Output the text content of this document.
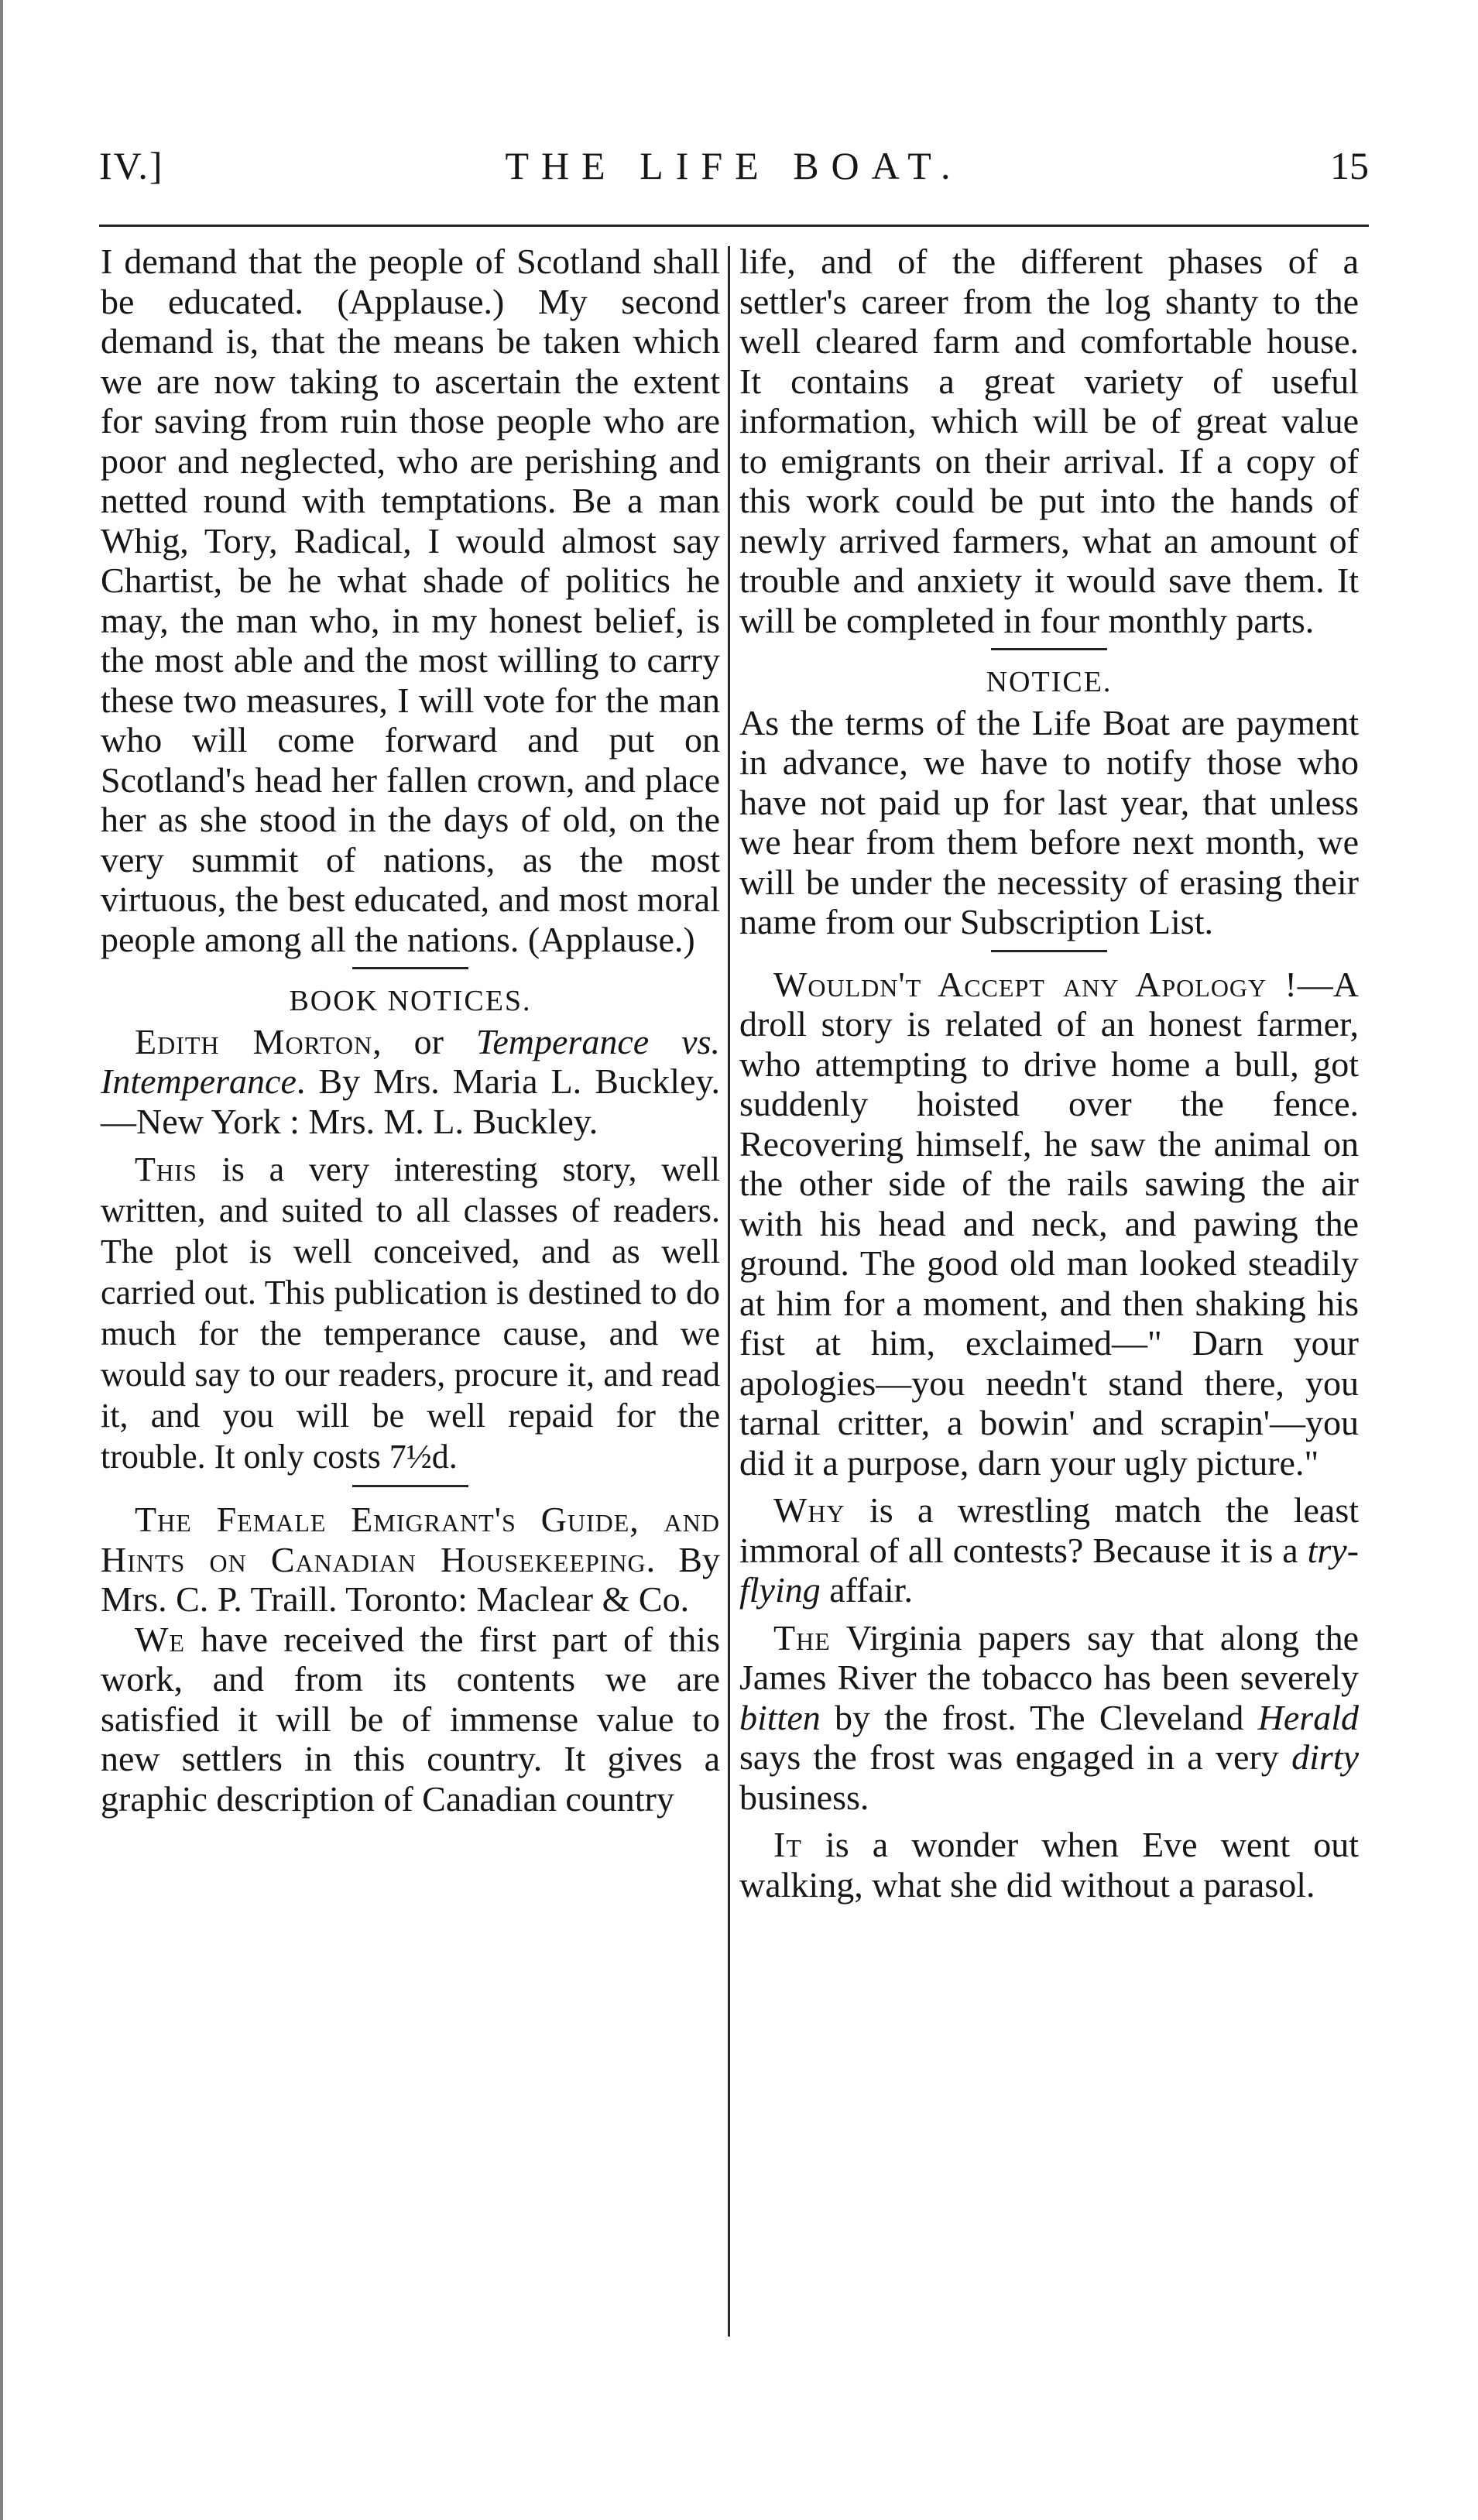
IV.]	THE LIFE BOAT.	15

I demand that the people of Scotland shall be educated. (Applause.) My second demand is, that the means be taken which we are now taking to ascertain the extent for saving from ruin those people who are poor and neglected, who are perishing and netted round with temptations. Be a man Whig, Tory, Radical, I would almost say Chartist, be he what shade of politics he may, the man who, in my honest belief, is the most able and the most willing to carry these two measures, I will vote for the man who will come forward and put on Scotland's head her fallen crown, and place her as she stood in the days of old, on the very summit of nations, as the most virtuous, the best educated, and most moral people among all the nations. (Applause.)

BOOK NOTICES.

Edith Morton, or Temperance vs. Intemperance. By Mrs. Maria L. Buckley.—New York : Mrs. M. L. Buckley.

This is a very interesting story, well written, and suited to all classes of readers. The plot is well conceived, and as well carried out. This publication is destined to do much for the temperance cause, and we would say to our readers, procure it, and read it, and you will be well repaid for the trouble. It only costs 7½d.

The Female Emigrant's Guide, and Hints on Canadian Housekeeping. By Mrs. C. P. Traill. Toronto: Maclear & Co.

We have received the first part of this work, and from its contents we are satisfied it will be of immense value to new settlers in this country. It gives a graphic description of Canadian country

life, and of the different phases of a settler's career from the log shanty to the well cleared farm and comfortable house. It contains a great variety of useful information, which will be of great value to emigrants on their arrival. If a copy of this work could be put into the hands of newly arrived farmers, what an amount of trouble and anxiety it would save them. It will be completed in four monthly parts.

NOTICE.

As the terms of the Life Boat are payment in advance, we have to notify those who have not paid up for last year, that unless we hear from them before next month, we will be under the necessity of erasing their name from our Subscription List.

Wouldn't Accept any Apology !—A droll story is related of an honest farmer, who attempting to drive home a bull, got suddenly hoisted over the fence. Recovering himself, he saw the animal on the other side of the rails sawing the air with his head and neck, and pawing the ground. The good old man looked steadily at him for a moment, and then shaking his fist at him, exclaimed—" Darn your apologies—you needn't stand there, you tarnal critter, a bowin' and scrapin'—you did it a purpose, darn your ugly picture."

Why is a wrestling match the least immoral of all contests? Because it is a try-flying affair.

The Virginia papers say that along the James River the tobacco has been severely bitten by the frost. The Cleveland Herald says the frost was engaged in a very dirty business.

It is a wonder when Eve went out walking, what she did without a parasol.
